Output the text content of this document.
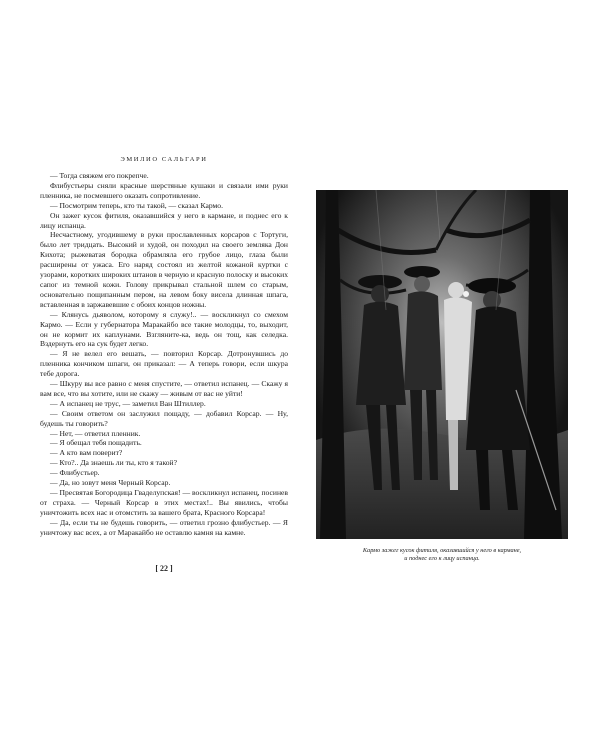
ЭМИЛИО САЛЬГАРИ

— Тогда свяжем его покрепче.

Флибустьеры сняли красные шерстяные кушаки и связали ими руки пленника, не посмевшего оказать сопротивление.

— Посмотрим теперь, кто ты такой, — сказал Кармо.

Он зажег кусок фитиля, оказавшийся у него в кармане, и поднес его к лицу испанца.

Несчастному, угодившему в руки прославленных корсаров с Тортуги, было лет тридцать. Высокий и худой, он походил на своего земляка Дон Кихота; рыжеватая бородка обрамляла его грубое лицо, глаза были расширены от ужаса. Его наряд состоял из желтой кожаной куртки с узорами, коротких широких штанов в черную и красную полоску и высоких сапог из темной кожи. Голову прикрывал стальной шлем со старым, основательно пощипанным пером, на левом боку висела длинная шпага, вставленная в заржавевшие с обоих концов ножны.

— Клянусь дьяволом, которому я служу!.. — воскликнул со смехом Кармо. — Если у губернатора Маракайбо все такие молодцы, то, выходит, он не кормит их каплунами. Взгляните-ка, ведь он тощ, как селедка. Вздернуть его на сук будет легко.

— Я не велел его вешать, — повторил Корсар. Дотронувшись до пленника кончиком шпаги, он приказал: — А теперь говори, если шкура тебе дорога.

— Шкуру вы все равно с меня спустите, — ответил испанец. — Скажу я вам все, что вы хотите, или не скажу — живым от вас не уйти!

— А испанец не трус, — заметил Ван Штиллер.

— Своим ответом он заслужил пощаду, — добавил Корсар. — Ну, будешь ты говорить?

— Нет, — ответил пленник.

— Я обещал тебя пощадить.

— А кто вам поверит?

— Кто?.. Да знаешь ли ты, кто я такой?

— Флибустьер.

— Да, но зовут меня Черный Корсар.

— Пресвятая Богородица Гваделупская! — воскликнул испанец, посинев от страха. — Черный Корсар в этих местах!.. Вы явились, чтобы уничтожить всех нас и отомстить за вашего брата, Красного Корсара!

— Да, если ты не будешь говорить, — ответил грозно флибустьер. — Я уничтожу вас всех, а от Маракайбо не оставлю камня на камне.

[ 22 ]
Кармо зажег кусок фитиля, оказавшийся у него в кармане,
и поднес его к лицу испанца.
